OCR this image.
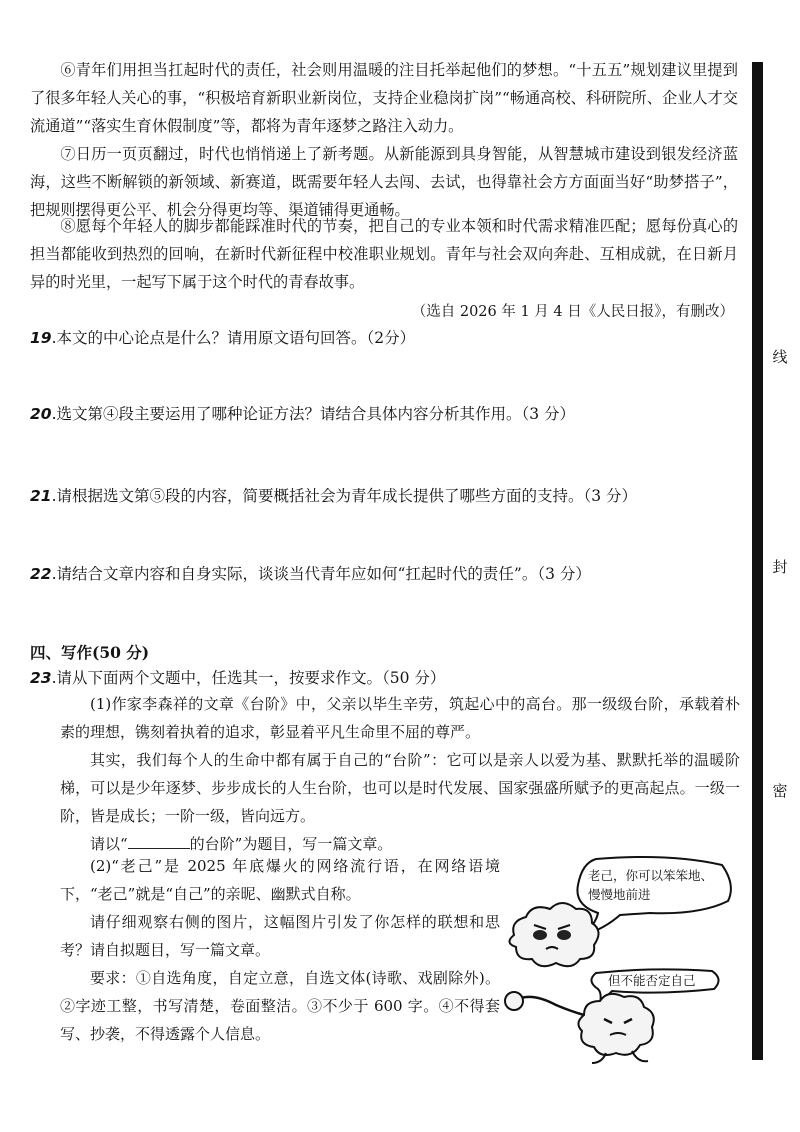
⑥青年们用担当扛起时代的责任，社会则用温暖的注目托举起他们的梦想。“十五五”规划建议里提到了很多年轻人关心的事，“积极培育新职业新岗位，支持企业稳岗扩岗”“畅通高校、科研院所、企业人才交流通道”“落实生育休假制度”等，都将为青年逐梦之路注入动力。

⑦日历一页页翻过，时代也悄悄递上了新考题。从新能源到具身智能，从智慧城市建设到银发经济蓝海，这些不断解锁的新领域、新赛道，既需要年轻人去闯、去试，也得靠社会方方面面当好“助梦搭子”，把规则摆得更公平、机会分得更均等、渠道铺得更通畅。

⑧愿每个年轻人的脚步都能踩准时代的节奏，把自己的专业本领和时代需求精准匹配；愿每份真心的担当都能收到热烈的回响，在新时代新征程中校准职业规划。青年与社会双向奔赴、互相成就，在日新月异的时光里，一起写下属于这个时代的青春故事。

（选自 2026 年 1 月 4 日《人民日报》，有删改）
19.本文的中心论点是什么？请用原文语句回答。（2分）
20.选文第④段主要运用了哪种论证方法？请结合具体内容分析其作用。（3 分）
21.请根据选文第⑤段的内容，简要概括社会为青年成长提供了哪些方面的支持。（3 分）
22.请结合文章内容和自身实际，谈谈当代青年应如何“扛起时代的责任”。（3 分）
四、写作(50 分)
23.请从下面两个文题中，任选其一，按要求作文。（50 分）

(1)作家李森祥的文章《台阶》中，父亲以毕生辛劳，筑起心中的高台。那一级级台阶，承载着朴素的理想，镌刻着执着的追求，彰显着平凡生命里不屈的尊严。

其实，我们每个人的生命中都有属于自己的“台阶”：它可以是亲人以爱为基、默默托举的温暖阶梯，可以是少年逐梦、步步成长的人生台阶，也可以是时代发展、国家强盛所赋予的更高起点。一级一阶，皆是成长；一阶一级，皆向远方。

请以“	的台阶”为题目，写一篇文章。

(2)“老己”是 2025 年底爆火的网络流行语，在网络语境下，“老己”就是“自己”的亲昵、幽默式自称。

请仔细观察右侧的图片，这幅图片引发了你怎样的联想和思考？请自拟题目，写一篇文章。

要求：①自选角度，自定立意，自选文体(诗歌、戏剧除外)。②字迹工整，书写清楚，卷面整洁。③不少于 600 字。④不得套写、抄袭，不得透露个人信息。

老己，你可以笨笨地、
慢慢地前进
但不能否定自己
线
封
密
